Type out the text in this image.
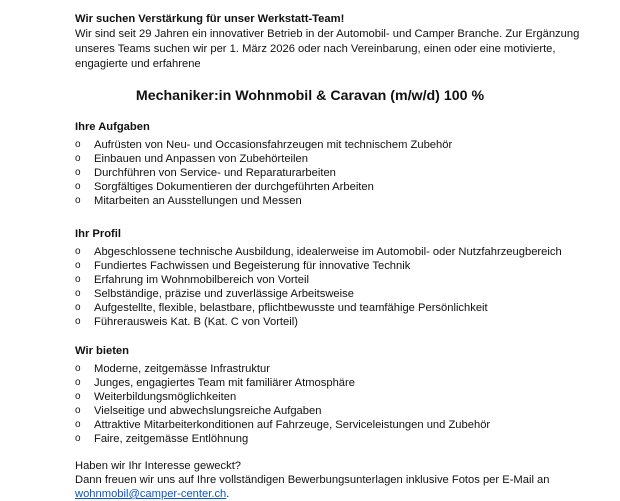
Wir suchen Verstärkung für unser Werkstatt-Team!
Wir sind seit 29 Jahren ein innovativer Betrieb in der Automobil- und Camper Branche. Zur Ergänzung unseres Teams suchen wir per 1. März 2026 oder nach Vereinbarung, einen oder eine motivierte, engagierte und erfahrene
Mechaniker:in Wohnmobil & Caravan (m/w/d) 100 %
Ihre Aufgaben
o Aufrüsten von Neu- und Occasionsfahrzeugen mit technischem Zubehör
o Einbauen und Anpassen von Zubehörteilen
o Durchführen von Service- und Reparaturarbeiten
o Sorgfältiges Dokumentieren der durchgeführten Arbeiten
o Mitarbeiten an Ausstellungen und Messen
Ihr Profil
o Abgeschlossene technische Ausbildung, idealerweise im Automobil- oder Nutzfahrzeugbereich
o Fundiertes Fachwissen und Begeisterung für innovative Technik
o Erfahrung im Wohnmobilbereich von Vorteil
o Selbständige, präzise und zuverlässige Arbeitsweise
o Aufgestellte, flexible, belastbare, pflichtbewusste und teamfähige Persönlichkeit
o Führerausweis Kat. B (Kat. C von Vorteil)
Wir bieten
o Moderne, zeitgemässe Infrastruktur
o Junges, engagiertes Team mit familiärer Atmosphäre
o Weiterbildungsmöglichkeiten
o Vielseitige und abwechslungsreiche Aufgaben
o Attraktive Mitarbeiterkonditionen auf Fahrzeuge, Serviceleistungen und Zubehör
o Faire, zeitgemässe Entlöhnung
Haben wir Ihr Interesse geweckt?
Dann freuen wir uns auf Ihre vollständigen Bewerbungsunterlagen inklusive Fotos per E-Mail an
wohnmobil@camper-center.ch.
